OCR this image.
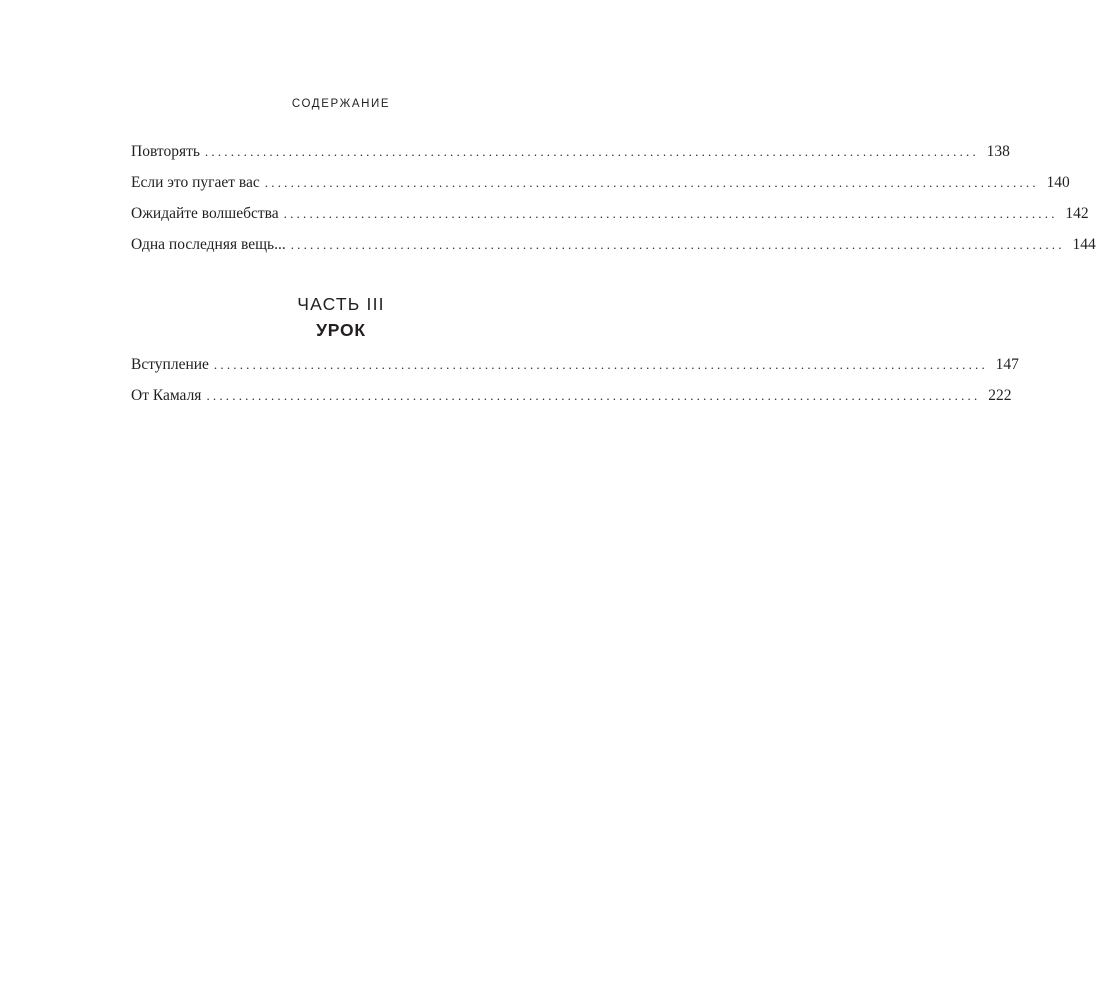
СОДЕРЖАНИЕ
Повторять ........................................................................................................................ 138
Если это пугает вас ........................................................................................................................ 140
Ожидайте волшебства ........................................................................................................................ 142
Одна последняя вещь... ........................................................................................................................ 144
ЧАСТЬ III
УРОК
Вступление ........................................................................................................................ 147
От Камаля ........................................................................................................................ 222
